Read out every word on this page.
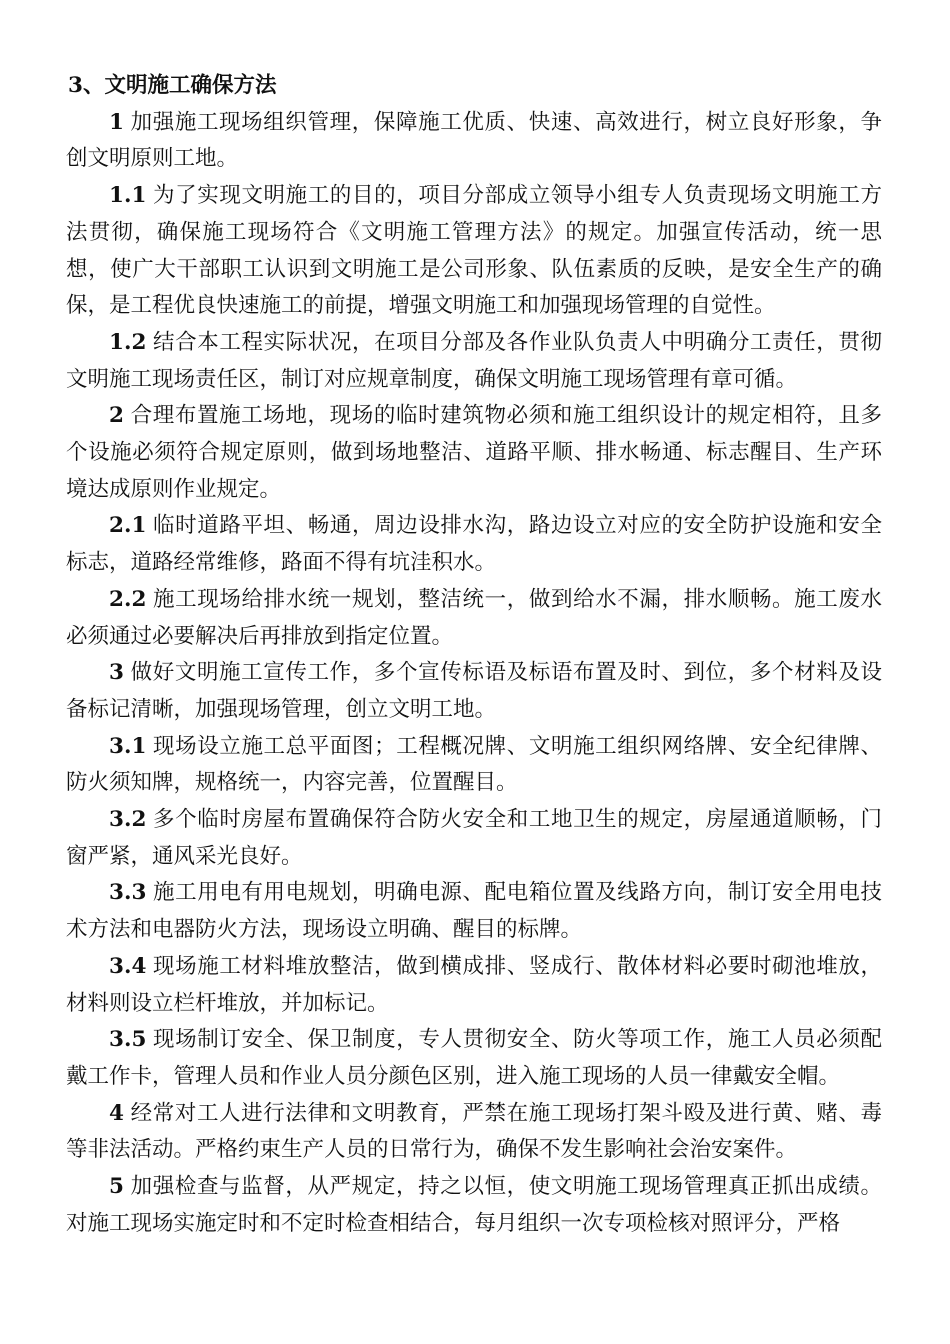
3、文明施工确保方法

1 加强施工现场组织管理，保障施工优质、快速、高效进行，树立良好形象，争创文明原则工地。

1.1 为了实现文明施工的目的，项目分部成立领导小组专人负责现场文明施工方法贯彻，确保施工现场符合《文明施工管理方法》的规定。加强宣传活动，统一思想，使广大干部职工认识到文明施工是公司形象、队伍素质的反映，是安全生产的确保，是工程优良快速施工的前提，增强文明施工和加强现场管理的自觉性。

1.2 结合本工程实际状况，在项目分部及各作业队负责人中明确分工责任，贯彻文明施工现场责任区，制订对应规章制度，确保文明施工现场管理有章可循。

2 合理布置施工场地，现场的临时建筑物必须和施工组织设计的规定相符，且多个设施必须符合规定原则，做到场地整洁、道路平顺、排水畅通、标志醒目、生产环境达成原则作业规定。

2.1 临时道路平坦、畅通，周边设排水沟，路边设立对应的安全防护设施和安全标志，道路经常维修，路面不得有坑洼积水。

2.2 施工现场给排水统一规划，整洁统一，做到给水不漏，排水顺畅。施工废水必须通过必要解决后再排放到指定位置。

3 做好文明施工宣传工作，多个宣传标语及标语布置及时、到位，多个材料及设备标记清晰，加强现场管理，创立文明工地。

3.1 现场设立施工总平面图；工程概况牌、文明施工组织网络牌、安全纪律牌、防火须知牌，规格统一，内容完善，位置醒目。

3.2 多个临时房屋布置确保符合防火安全和工地卫生的规定，房屋通道顺畅，门窗严紧，通风采光良好。

3.3 施工用电有用电规划，明确电源、配电箱位置及线路方向，制订安全用电技术方法和电器防火方法，现场设立明确、醒目的标牌。

3.4 现场施工材料堆放整洁，做到横成排、竖成行、散体材料必要时砌池堆放，材料则设立栏杆堆放，并加标记。

3.5 现场制订安全、保卫制度，专人贯彻安全、防火等项工作，施工人员必须配戴工作卡，管理人员和作业人员分颜色区别，进入施工现场的人员一律戴安全帽。

4 经常对工人进行法律和文明教育，严禁在施工现场打架斗殴及进行黄、赌、毒等非法活动。严格约束生产人员的日常行为，确保不发生影响社会治安案件。

5 加强检查与监督，从严规定，持之以恒，使文明施工现场管理真正抓出成绩。对施工现场实施定时和不定时检查相结合，每月组织一次专项检核对照评分，严格
